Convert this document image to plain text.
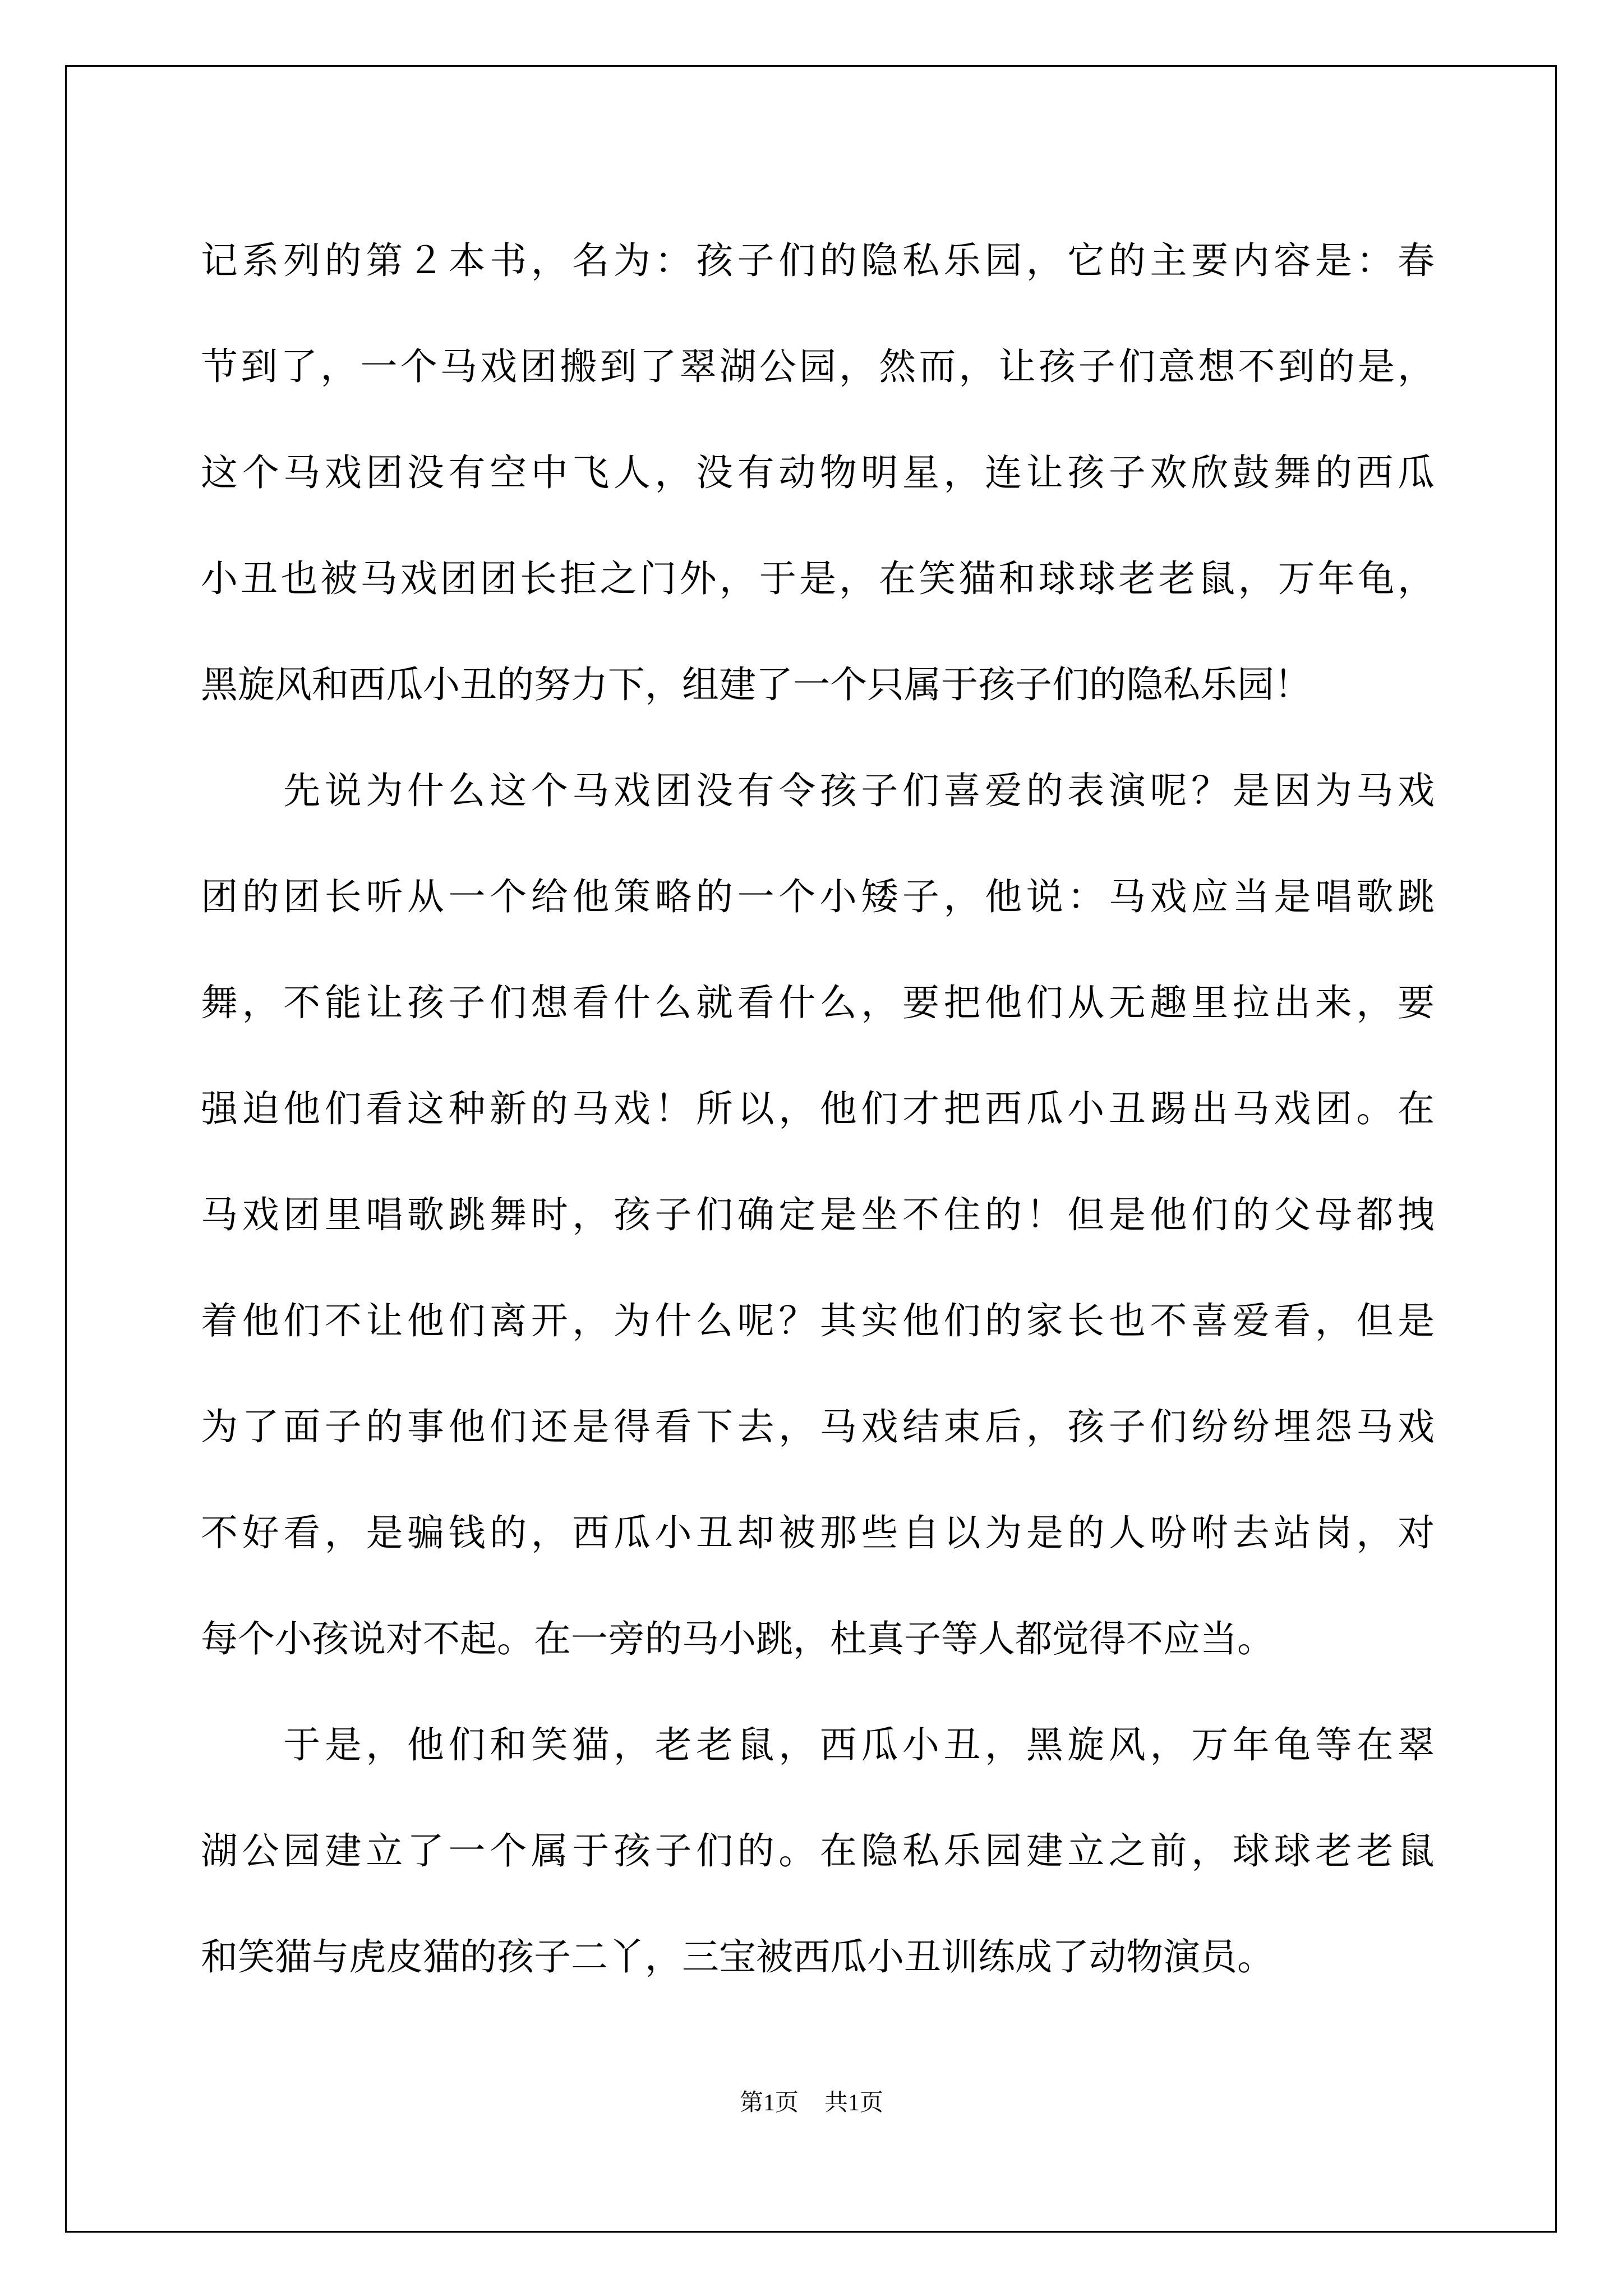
记系列的第２本书，名为：孩子们的隐私乐园，它的主要内容是：春
节到了，一个马戏团搬到了翠湖公园，然而，让孩子们意想不到的是，
这个马戏团没有空中飞人，没有动物明星，连让孩子欢欣鼓舞的西瓜
小丑也被马戏团团长拒之门外，于是，在笑猫和球球老老鼠，万年龟，
黑旋风和西瓜小丑的努力下，组建了一个只属于孩子们的隐私乐园！
　　先说为什么这个马戏团没有令孩子们喜爱的表演呢？是因为马戏
团的团长听从一个给他策略的一个小矮子，他说：马戏应当是唱歌跳
舞，不能让孩子们想看什么就看什么，要把他们从无趣里拉出来，要
强迫他们看这种新的马戏！所以，他们才把西瓜小丑踢出马戏团。在
马戏团里唱歌跳舞时，孩子们确定是坐不住的！但是他们的父母都拽
着他们不让他们离开，为什么呢？其实他们的家长也不喜爱看，但是
为了面子的事他们还是得看下去，马戏结束后，孩子们纷纷埋怨马戏
不好看，是骗钱的，西瓜小丑却被那些自以为是的人吩咐去站岗，对
每个小孩说对不起。在一旁的马小跳，杜真子等人都觉得不应当。
　　于是，他们和笑猫，老老鼠，西瓜小丑，黑旋风，万年龟等在翠
湖公园建立了一个属于孩子们的。在隐私乐园建立之前，球球老老鼠
和笑猫与虎皮猫的孩子二丫，三宝被西瓜小丑训练成了动物演员。
第1页 共1页
